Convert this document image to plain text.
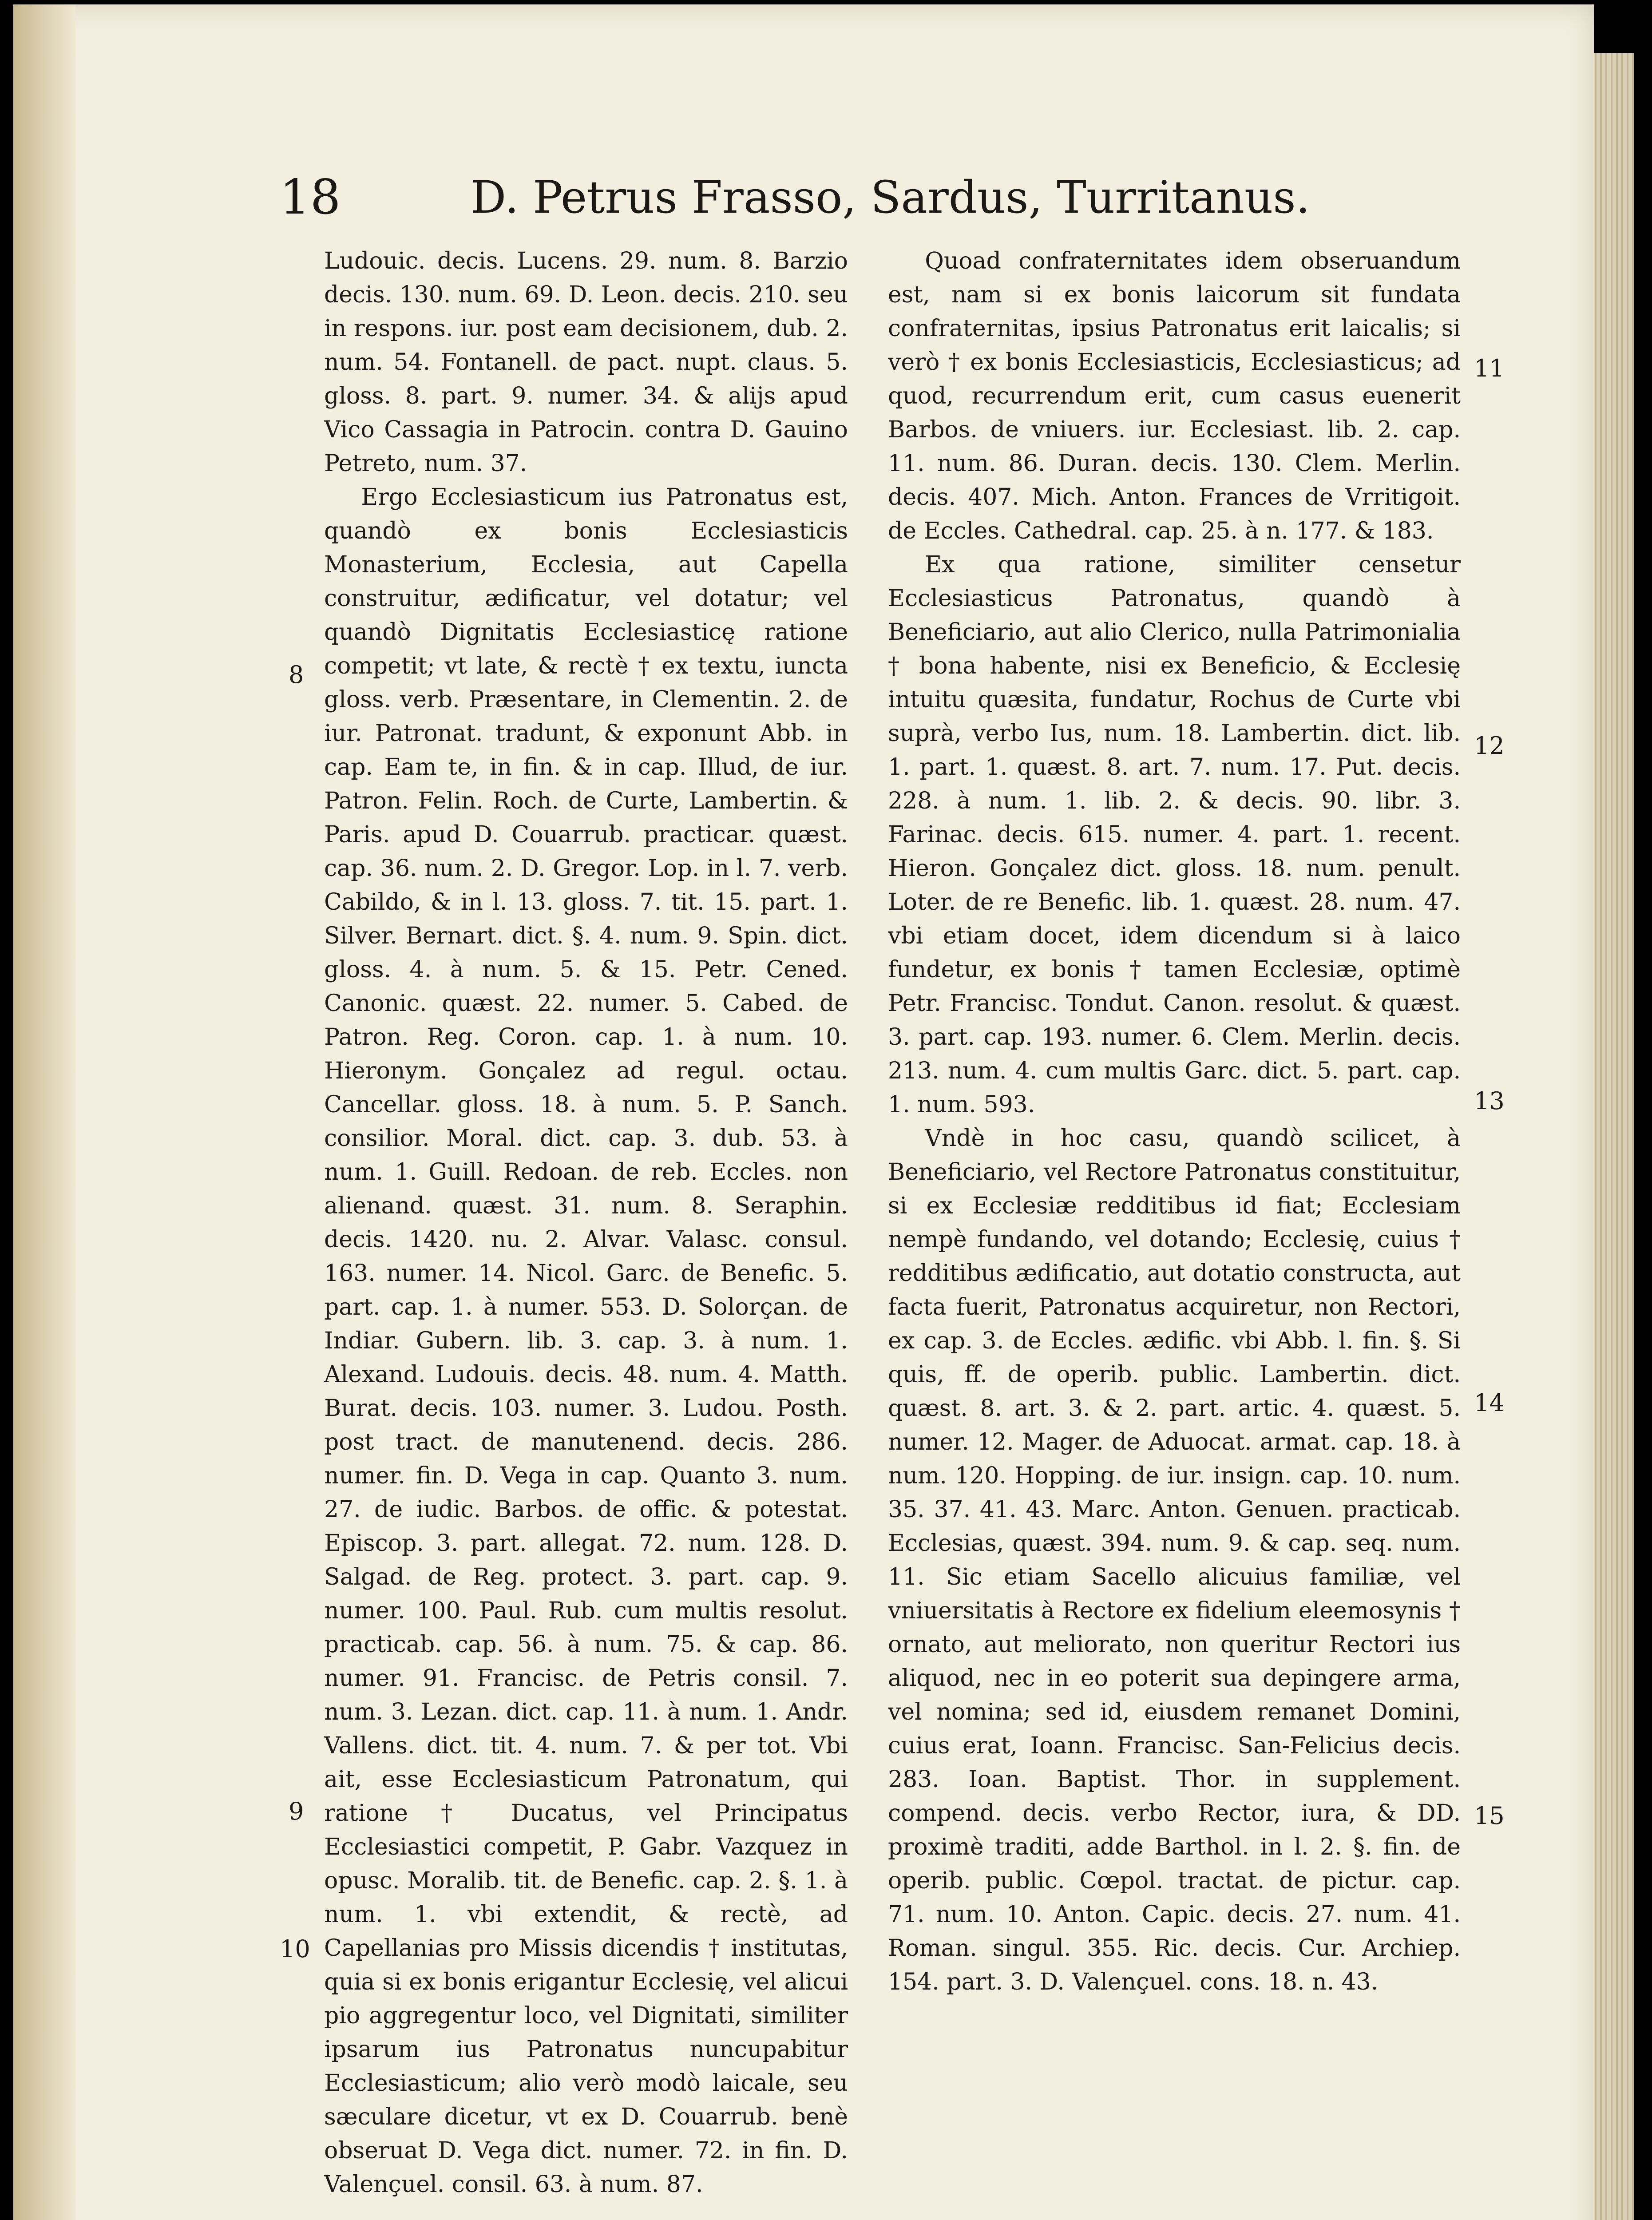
18	D. Petrus Frasso, Sardus, Turritanus.

Ludouic. decis. Lucens. 29. num. 8. Barzio decis. 130. num. 69. D. Leon. decis. 210. seu in respons. iur. post eam decisionem, dub. 2. num. 54. Fontanell. de pact. nupt. claus. 5. gloss. 8. part. 9. numer. 34. & alijs apud Vico Cassagia in Patrocin. contra D. Gauino Petreto, num. 37.

Ergo Ecclesiasticum ius Patronatus est, quandò ex bonis Ecclesiasticis Monasterium, Ecclesia, aut Capella construitur, ædificatur, vel dotatur; vel quandò Dignitatis Ecclesiasticę ratione competit; vt late, & rectè † ex textu, iuncta gloss. verb. Præsentare, in Clementin. 2. de iur. Patronat. tradunt, & exponunt Abb. in cap. Eam te, in fin. & in cap. Illud, de iur. Patron. Felin. Roch. de Curte, Lambertin. & Paris. apud D. Couarrub. practicar. quæst. cap. 36. num. 2. D. Gregor. Lop. in l. 7. verb. Cabildo, & in l. 13. gloss. 7. tit. 15. part. 1. Silver. Bernart. dict. §. 4. num. 9. Spin. dict. gloss. 4. à num. 5. & 15. Petr. Cened. Canonic. quæst. 22. numer. 5. Cabed. de Patron. Reg. Coron. cap. 1. à num. 10. Hieronym. Gonçalez ad regul. octau. Cancellar. gloss. 18. à num. 5. P. Sanch. consilior. Moral. dict. cap. 3. dub. 53. à num. 1. Guill. Redoan. de reb. Eccles. non alienand. quæst. 31. num. 8. Seraphin. decis. 1420. nu. 2. Alvar. Valasc. consul. 163. numer. 14. Nicol. Garc. de Benefic. 5. part. cap. 1. à numer. 553. D. Solorçan. de Indiar. Gubern. lib. 3. cap. 3. à num. 1. Alexand. Ludouis. decis. 48. num. 4. Matth. Burat. decis. 103. numer. 3. Ludou. Posth. post tract. de manutenend. decis. 286. numer. fin. D. Vega in cap. Quanto 3. num. 27. de iudic. Barbos. de offic. & potestat. Episcop. 3. part. allegat. 72. num. 128. D. Salgad. de Reg. protect. 3. part. cap. 9. numer. 100. Paul. Rub. cum multis resolut. practicab. cap. 56. à num. 75. & cap. 86. numer. 91. Francisc. de Petris consil. 7. num. 3. Lezan. dict. cap. 11. à num. 1. Andr. Vallens. dict. tit. 4. num. 7. & per tot. Vbi ait, esse Ecclesiasticum Patronatum, qui ratione † Ducatus, vel Principatus Ecclesiastici competit, P. Gabr. Vazquez in opusc. Moralib. tit. de Benefic. cap. 2. §. 1. à num. 1. vbi extendit, & rectè, ad Capellanias pro Missis dicendis † institutas, quia si ex bonis erigantur Ecclesię, vel alicui pio aggregentur loco, vel Dignitati, similiter ipsarum ius Patronatus nuncupabitur Ecclesiasticum; alio verò modò laicale, seu sæculare dicetur, vt ex D. Couarrub. benè obseruat D. Vega dict. numer. 72. in fin. D. Valençuel. consil. 63. à num. 87.

Quoad confraternitates idem obseruandum est, nam si ex bonis laicorum sit fundata confraternitas, ipsius Patronatus erit laicalis; si verò † ex bonis Ecclesiasticis, Ecclesiasticus; ad quod, recurrendum erit, cum casus euenerit Barbos. de vniuers. iur. Ecclesiast. lib. 2. cap. 11. num. 86. Duran. decis. 130. Clem. Merlin. decis. 407. Mich. Anton. Frances de Vrritigoit. de Eccles. Cathedral. cap. 25. à n. 177. & 183.

Ex qua ratione, similiter censetur Ecclesiasticus Patronatus, quandò à Beneficiario, aut alio Clerico, nulla Patrimonialia † bona habente, nisi ex Beneficio, & Ecclesię intuitu quæsita, fundatur, Rochus de Curte vbi suprà, verbo Ius, num. 18. Lambertin. dict. lib. 1. part. 1. quæst. 8. art. 7. num. 17. Put. decis. 228. à num. 1. lib. 2. & decis. 90. libr. 3. Farinac. decis. 615. numer. 4. part. 1. recent. Hieron. Gonçalez dict. gloss. 18. num. penult. Loter. de re Benefic. lib. 1. quæst. 28. num. 47. vbi etiam docet, idem dicendum si à laico fundetur, ex bonis † tamen Ecclesiæ, optimè Petr. Francisc. Tondut. Canon. resolut. & quæst. 3. part. cap. 193. numer. 6. Clem. Merlin. decis. 213. num. 4. cum multis Garc. dict. 5. part. cap. 1. num. 593.

Vndè in hoc casu, quandò scilicet, à Beneficiario, vel Rectore Patronatus constituitur, si ex Ecclesiæ redditibus id fiat; Ecclesiam nempè fundando, vel dotando; Ecclesię, cuius † redditibus ædificatio, aut dotatio constructa, aut facta fuerit, Patronatus acquiretur, non Rectori, ex cap. 3. de Eccles. ædific. vbi Abb. l. fin. §. Si quis, ff. de operib. public. Lambertin. dict. quæst. 8. art. 3. & 2. part. artic. 4. quæst. 5. numer. 12. Mager. de Aduocat. armat. cap. 18. à num. 120. Hopping. de iur. insign. cap. 10. num. 35. 37. 41. 43. Marc. Anton. Genuen. practicab. Ecclesias, quæst. 394. num. 9. & cap. seq. num. 11. Sic etiam Sacello alicuius familiæ, vel vniuersitatis à Rectore ex fidelium eleemosynis † ornato, aut meliorato, non queritur Rectori ius aliquod, nec in eo poterit sua depingere arma, vel nomina; sed id, eiusdem remanet Domini, cuius erat, Ioann. Francisc. San-Felicius decis. 283. Ioan. Baptist. Thor. in supplement. compend. decis. verbo Rector, iura, & DD. proximè traditi, adde Barthol. in l. 2. §. fin. de operib. public. Cœpol. tractat. de pictur. cap. 71. num. 10. Anton. Capic. decis. 27. num. 41. Roman. singul. 355. Ric. decis. Cur. Archiep. 154. part. 3. D. Valençuel. cons. 18. n. 43.

8
9
10
11
12
13
14
15
